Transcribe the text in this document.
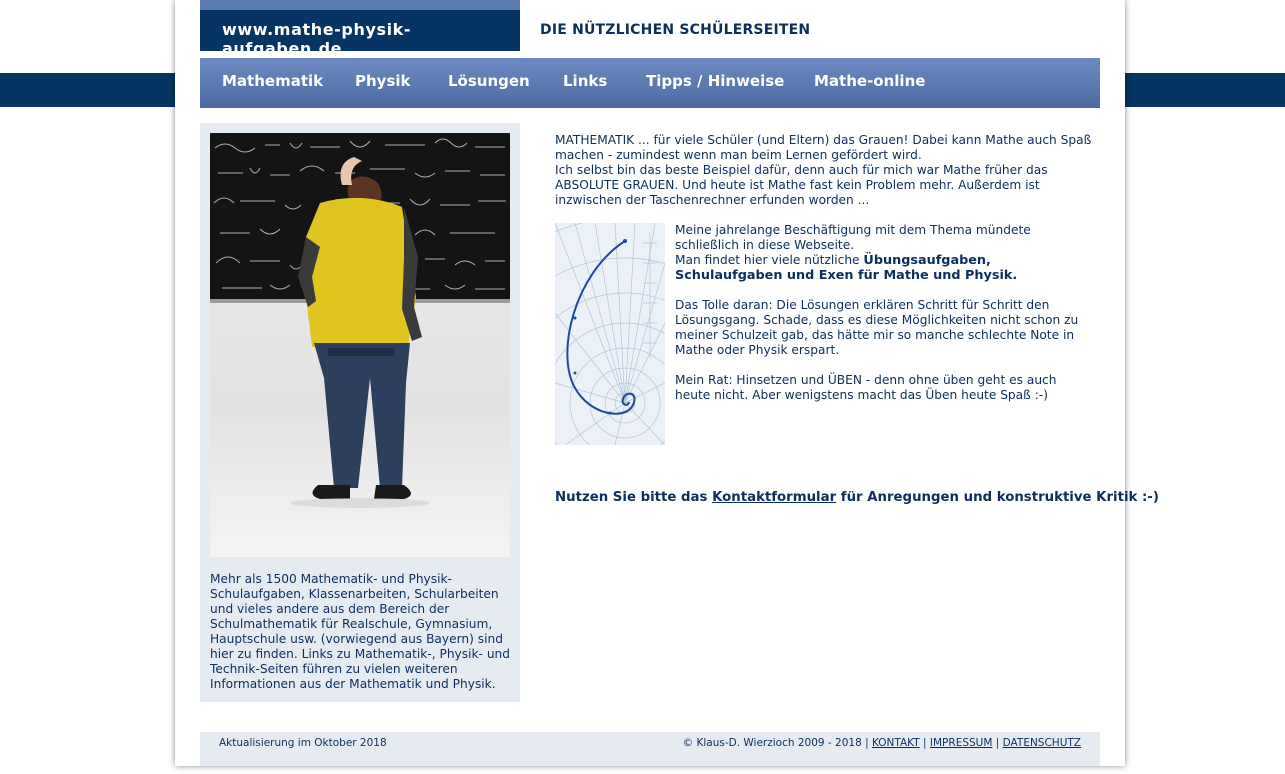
www.mathe-physik-aufgaben.de
DIE NÜTZLICHEN SCHÜLERSEITEN
Mathematik Physik	Lösungen Links	Tipps / Hinweise Mathe-online
Mehr als 1500 Mathematik- und Physik-Schulaufgaben, Klassenarbeiten, Schularbeiten und vieles andere aus dem Bereich der Schulmathematik für Realschule, Gymnasium, Hauptschule usw. (vorwiegend aus Bayern) sind hier zu finden. Links zu Mathematik-, Physik- und Technik-Seiten führen zu vielen weiteren Informationen aus der Mathematik und Physik.
MATHEMATIK ... für viele Schüler (und Eltern) das Grauen! Dabei kann Mathe auch Spaß machen - zumindest wenn man beim Lernen gefördert wird.
Ich selbst bin das beste Beispiel dafür, denn auch für mich war Mathe früher das ABSOLUTE GRAUEN. Und heute ist Mathe fast kein Problem mehr. Außerdem ist inzwischen der Taschenrechner erfunden worden ...
Meine jahrelange Beschäftigung mit dem Thema mündete schließlich in diese Webseite.
Man findet hier viele nützliche Übungsaufgaben, Schulaufgaben und Exen für Mathe und Physik.
Das Tolle daran: Die Lösungen erklären Schritt für Schritt den Lösungsgang. Schade, dass es diese Möglichkeiten nicht schon zu meiner Schulzeit gab, das hätte mir so manche schlechte Note in Mathe oder Physik erspart.
Mein Rat: Hinsetzen und ÜBEN - denn ohne üben geht es auch heute nicht. Aber wenigstens macht das Üben heute Spaß :-)
Nutzen Sie bitte das Kontaktformular für Anregungen und konstruktive Kritik :-)
Aktualisierung im Oktober 2018	© Klaus-D. Wierzioch 2009 - 2018 | KONTAKT | IMPRESSUM | DATENSCHUTZ
